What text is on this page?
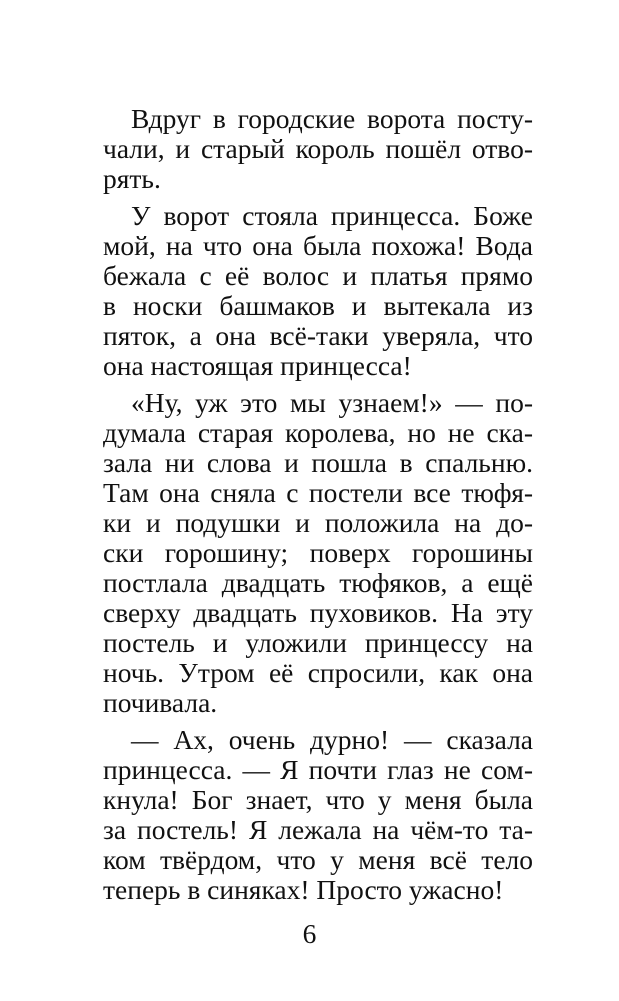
Вдруг в городские ворота посту-
чали, и старый король пошёл отво-
рять.
У ворот стояла принцесса. Боже
мой, на что она была похожа! Вода
бежала с её волос и платья прямо
в носки башмаков и вытекала из
пяток, а она всё-таки уверяла, что
она настоящая принцесса!
«Ну, уж это мы узнаем!» — по-
думала старая королева, но не ска-
зала ни слова и пошла в спальню.
Там она сняла с постели все тюфя-
ки и подушки и положила на до-
ски горошину; поверх горошины
постлала двадцать тюфяков, а ещё
сверху двадцать пуховиков. На эту
постель и уложили принцессу на
ночь. Утром её спросили, как она
почивала.
— Ах, очень дурно! — сказала
принцесса. — Я почти глаз не сом-
кнула! Бог знает, что у меня была
за постель! Я лежала на чём-то та-
ком твёрдом, что у меня всё тело
теперь в синяках! Просто ужасно!
6
